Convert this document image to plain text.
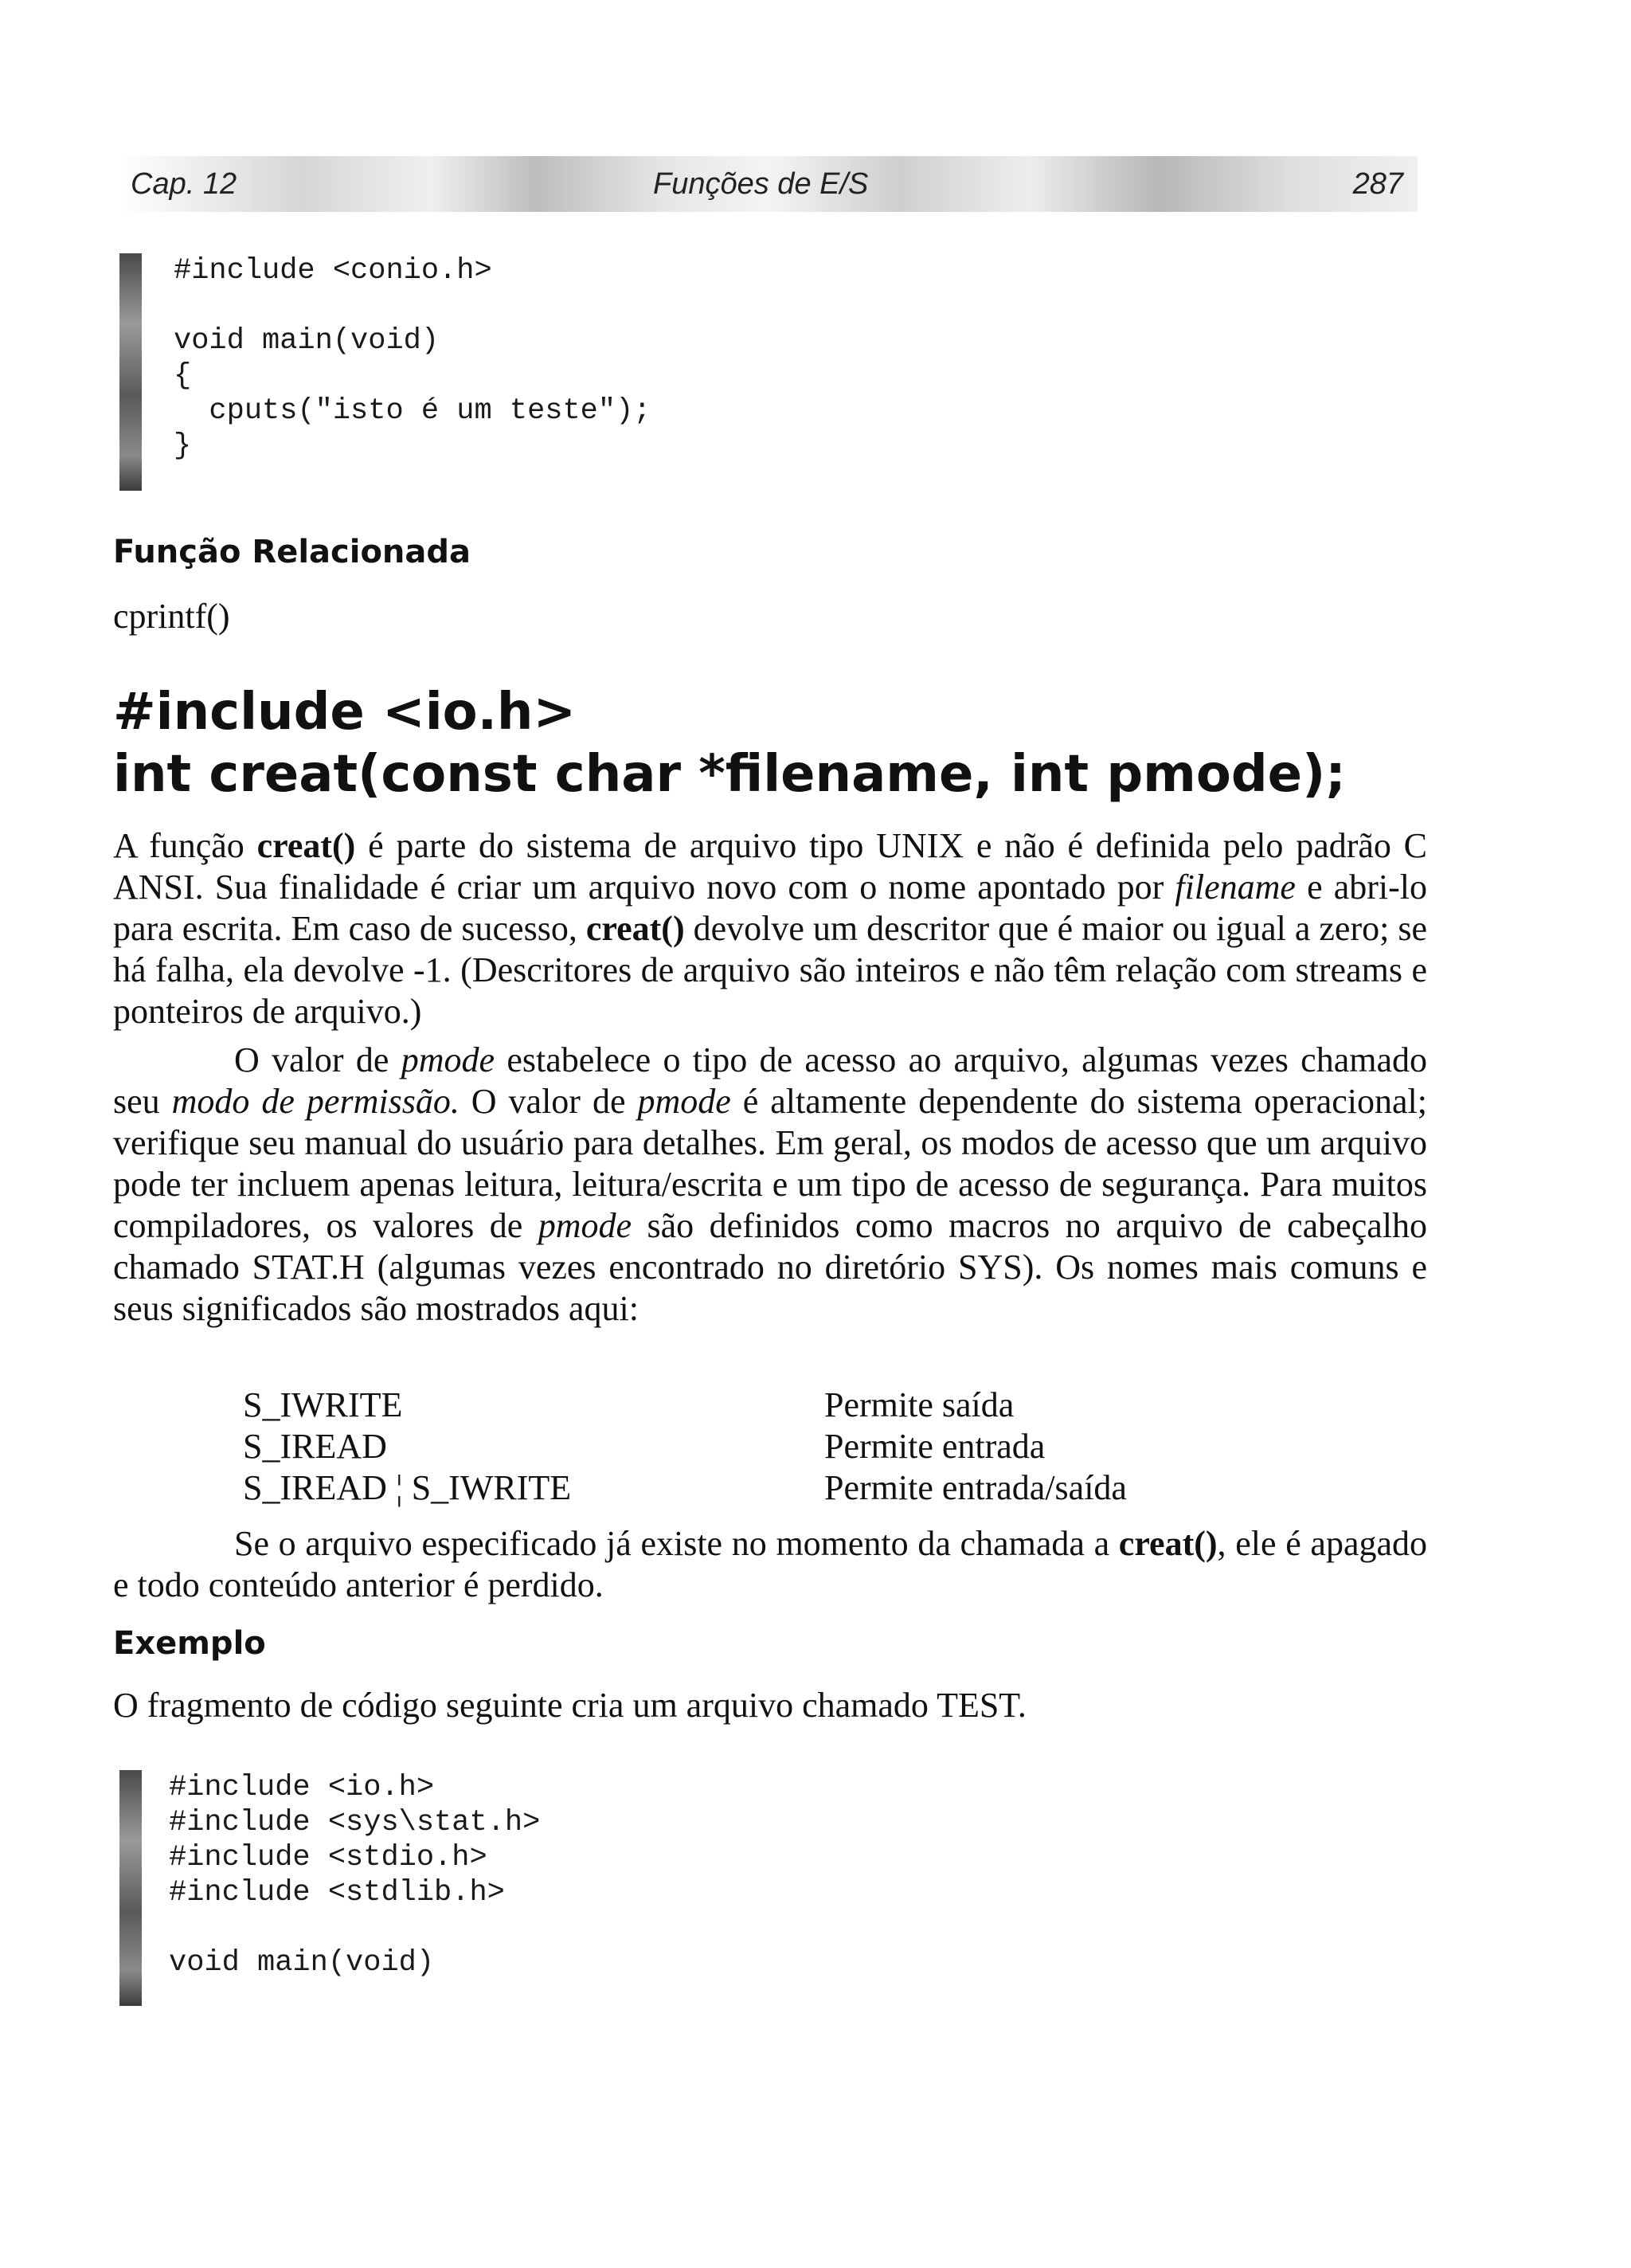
Cap. 12	Funções de E/S	287
#include <conio.h>
void main(void)
{
cputs("isto é um teste");
}
Função Relacionada
cprintf()
#include <io.h>
int creat(const char *filename, int pmode);

A função creat() é parte do sistema de arquivo tipo UNIX e não é definida pelo padrão C ANSI. Sua finalidade é criar um arquivo novo com o nome apontado por filename e abri-lo para escrita. Em caso de sucesso, creat() devolve um descritor que é maior ou igual a zero; se há falha, ela devolve -1. (Descritores de arquivo são inteiros e não têm relação com streams e ponteiros de arquivo.)

O valor de pmode estabelece o tipo de acesso ao arquivo, algumas vezes chamado seu modo de permissão. O valor de pmode é altamente dependente do sistema operacional; verifique seu manual do usuário para detalhes. Em geral, os modos de acesso que um arquivo pode ter incluem apenas leitura, leitura/escrita e um tipo de acesso de segurança. Para muitos compiladores, os valores de pmode são definidos como macros no arquivo de cabeçalho chamado STAT.H (algumas vezes encontrado no diretório SYS). Os nomes mais comuns e seus significados são mostrados aqui:

S_IWRITE	Permite saída
S_IREAD	Permite entrada
S_IREAD ¦ S_IWRITE	Permite entrada/saída

Se o arquivo especificado já existe no momento da chamada a creat(), ele é apagado e todo conteúdo anterior é perdido.

Exemplo
O fragmento de código seguinte cria um arquivo chamado TEST.
#include <io.h>
#include <sys\stat.h>
#include <stdio.h>
#include <stdlib.h>
void main(void)
